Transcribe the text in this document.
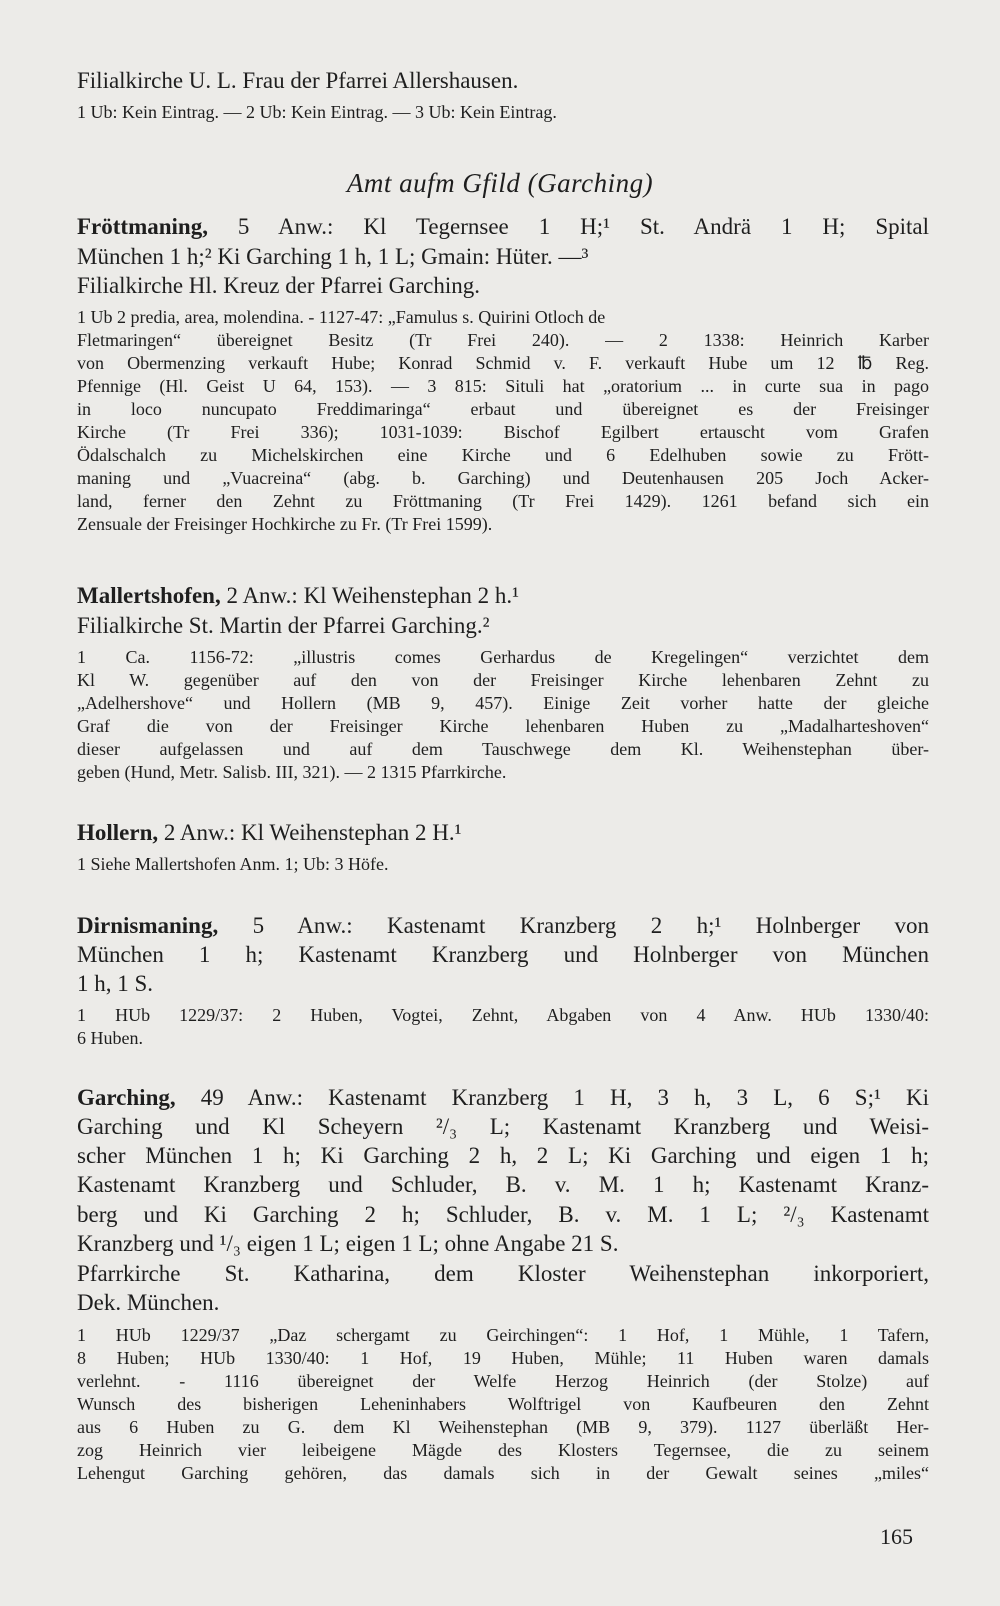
Amt aufm Gfild (Garching)

Filialkirche U. L. Frau der Pfarrei Allershausen.

1 Ub: Kein Eintrag. — 2 Ub: Kein Eintrag. — 3 Ub: Kein Eintrag.

Fröttmaning, 5 Anw.: Kl Tegernsee 1 H;¹ St. Andrä 1 H; Spital

München 1 h;² Ki Garching 1 h, 1 L; Gmain: Hüter. —³

Filialkirche Hl. Kreuz der Pfarrei Garching.

1 Ub 2 predia, area, molendina. - 1127-47: „Famulus s. Quirini Otloch de

Fletmaringen“ übereignet Besitz (Tr Frei 240). — 2 1338: Heinrich Karber

von Obermenzing verkauft Hube; Konrad Schmid v. F. verkauft Hube um 12 ℔ Reg.

Pfennige (Hl. Geist U 64, 153). — 3 815: Situli hat „oratorium ... in curte sua in pago

in loco nuncupato Freddimaringa“ erbaut und übereignet es der Freisinger

Kirche (Tr Frei 336); 1031-1039: Bischof Egilbert ertauscht vom Grafen

Ödalschalch zu Michelskirchen eine Kirche und 6 Edelhuben sowie zu Frött-

maning und „Vuacreina“ (abg. b. Garching) und Deutenhausen 205 Joch Acker-

land, ferner den Zehnt zu Fröttmaning (Tr Frei 1429). 1261 befand sich ein

Zensuale der Freisinger Hochkirche zu Fr. (Tr Frei 1599).

Mallertshofen, 2 Anw.: Kl Weihenstephan 2 h.¹

Filialkirche St. Martin der Pfarrei Garching.²

1 Ca. 1156-72: „illustris comes Gerhardus de Kregelingen“ verzichtet dem

Kl W. gegenüber auf den von der Freisinger Kirche lehenbaren Zehnt zu

„Adelhershove“ und Hollern (MB 9, 457). Einige Zeit vorher hatte der gleiche

Graf die von der Freisinger Kirche lehenbaren Huben zu „Madalharteshoven“

dieser aufgelassen und auf dem Tauschwege dem Kl. Weihenstephan über-

geben (Hund, Metr. Salisb. III, 321). — 2 1315 Pfarrkirche.

Hollern, 2 Anw.: Kl Weihenstephan 2 H.¹

1 Siehe Mallertshofen Anm. 1; Ub: 3 Höfe.

Dirnismaning, 5 Anw.: Kastenamt Kranzberg 2 h;¹ Holnberger von

München 1 h; Kastenamt Kranzberg und Holnberger von München

1 h, 1 S.

1 HUb 1229/37: 2 Huben, Vogtei, Zehnt, Abgaben von 4 Anw. HUb 1330/40:

6 Huben.

Garching, 49 Anw.: Kastenamt Kranzberg 1 H, 3 h, 3 L, 6 S;¹ Ki

Garching und Kl Scheyern ²/₃ L; Kastenamt Kranzberg und Weisi-

scher München 1 h; Ki Garching 2 h, 2 L; Ki Garching und eigen 1 h;

Kastenamt Kranzberg und Schluder, B. v. M. 1 h; Kastenamt Kranz-

berg und Ki Garching 2 h; Schluder, B. v. M. 1 L; ²/₃ Kastenamt

Kranzberg und ¹/₃ eigen 1 L; eigen 1 L; ohne Angabe 21 S.

Pfarrkirche St. Katharina, dem Kloster Weihenstephan inkorporiert,

Dek. München.

1 HUb 1229/37 „Daz schergamt zu Geirchingen“: 1 Hof, 1 Mühle, 1 Tafern,

8 Huben; HUb 1330/40: 1 Hof, 19 Huben, Mühle; 11 Huben waren damals

verlehnt. - 1116 übereignet der Welfe Herzog Heinrich (der Stolze) auf

Wunsch des bisherigen Leheninhabers Wolftrigel von Kaufbeuren den Zehnt

aus 6 Huben zu G. dem Kl Weihenstephan (MB 9, 379). 1127 überläßt Her-

zog Heinrich vier leibeigene Mägde des Klosters Tegernsee, die zu seinem

Lehengut Garching gehören, das damals sich in der Gewalt seines „miles“

165
